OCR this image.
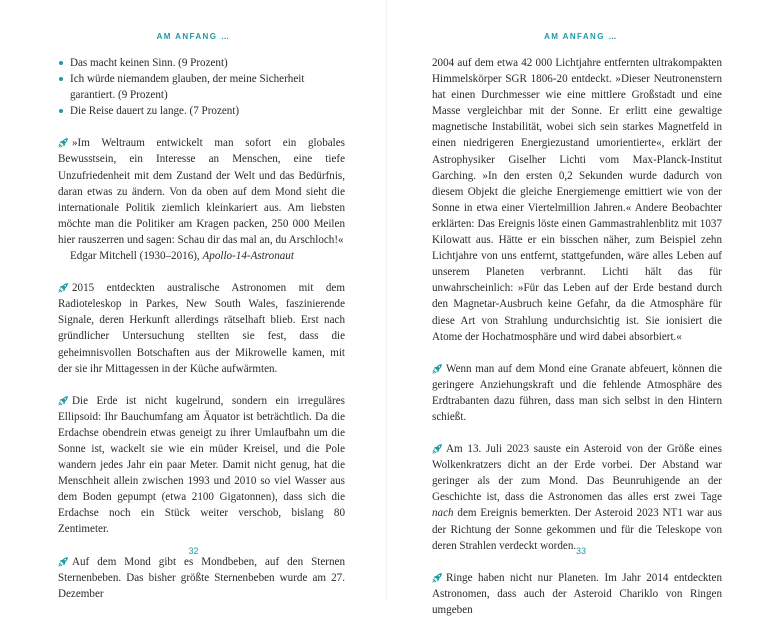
AM ANFANG …
Das macht keinen Sinn. (9 Prozent)
Ich würde niemandem glauben, der meine Sicherheit garantiert. (9 Prozent)
Die Reise dauert zu lange. (7 Prozent)

»Im Weltraum entwickelt man sofort ein globales Bewusstsein, ein Interesse an Menschen, eine tiefe Unzufriedenheit mit dem Zustand der Welt und das Bedürfnis, daran etwas zu ändern. Von da oben auf dem Mond sieht die internationale Politik ziemlich kleinkariert aus. Am liebsten möchte man die Politiker am Kragen packen, 250 000 Meilen hier rauszerren und sagen: Schau dir das mal an, du Arschloch!«

Edgar Mitchell (1930–2016), Apollo-14-Astronaut

2015 entdeckten australische Astronomen mit dem Radioteleskop in Parkes, New South Wales, faszinierende Signale, deren Herkunft allerdings rätselhaft blieb. Erst nach gründlicher Untersuchung stellten sie fest, dass die geheimnisvollen Botschaften aus der Mikrowelle kamen, mit der sie ihr Mittagessen in der Küche aufwärmten.

Die Erde ist nicht kugelrund, sondern ein irreguläres Ellipsoid: Ihr Bauchumfang am Äquator ist beträchtlich. Da die Erdachse obendrein etwas geneigt zu ihrer Umlaufbahn um die Sonne ist, wackelt sie wie ein müder Kreisel, und die Pole wandern jedes Jahr ein paar Meter. Damit nicht genug, hat die Menschheit allein zwischen 1993 und 2010 so viel Wasser aus dem Boden gepumpt (etwa 2100 Gigatonnen), dass sich die Erdachse noch ein Stück weiter verschob, bislang 80 Zentimeter.

Auf dem Mond gibt es Mondbeben, auf den Sternen Sternenbeben. Das bisher größte Sternenbeben wurde am 27. Dezember

32
AM ANFANG …

2004 auf dem etwa 42 000 Lichtjahre entfernten ultrakompakten Himmelskörper SGR 1806-20 entdeckt. »Dieser Neutronenstern hat einen Durchmesser wie eine mittlere Großstadt und eine Masse vergleichbar mit der Sonne. Er erlitt eine gewaltige magnetische Instabilität, wobei sich sein starkes Magnetfeld in einen niedrigeren Energiezustand umorientierte«, erklärt der Astrophysiker Giselher Lichti vom Max-Planck-Institut Garching. »In den ersten 0,2 Sekunden wurde dadurch von diesem Objekt die gleiche Energiemenge emittiert wie von der Sonne in etwa einer Viertelmillion Jahren.« Andere Beobachter erklärten: Das Ereignis löste einen Gammastrahlenblitz mit 1037 Kilowatt aus. Hätte er ein bisschen näher, zum Beispiel zehn Lichtjahre von uns entfernt, stattgefunden, wäre alles Leben auf unserem Planeten verbrannt. Lichti hält das für unwahrscheinlich: »Für das Leben auf der Erde bestand durch den Magnetar-Ausbruch keine Gefahr, da die Atmosphäre für diese Art von Strahlung undurchsichtig ist. Sie ionisiert die Atome der Hochatmosphäre und wird dabei absorbiert.«

Wenn man auf dem Mond eine Granate abfeuert, können die geringere Anziehungskraft und die fehlende Atmosphäre des Erdtrabanten dazu führen, dass man sich selbst in den Hintern schießt.

Am 13. Juli 2023 sauste ein Asteroid von der Größe eines Wolkenkratzers dicht an der Erde vorbei. Der Abstand war geringer als der zum Mond. Das Beunruhigende an der Geschichte ist, dass die Astronomen das alles erst zwei Tage nach dem Ereignis bemerkten. Der Asteroid 2023 NT1 war aus der Richtung der Sonne gekommen und für die Teleskope von deren Strahlen verdeckt worden.

Ringe haben nicht nur Planeten. Im Jahr 2014 entdeckten Astronomen, dass auch der Asteroid Chariklo von Ringen umgeben

33
